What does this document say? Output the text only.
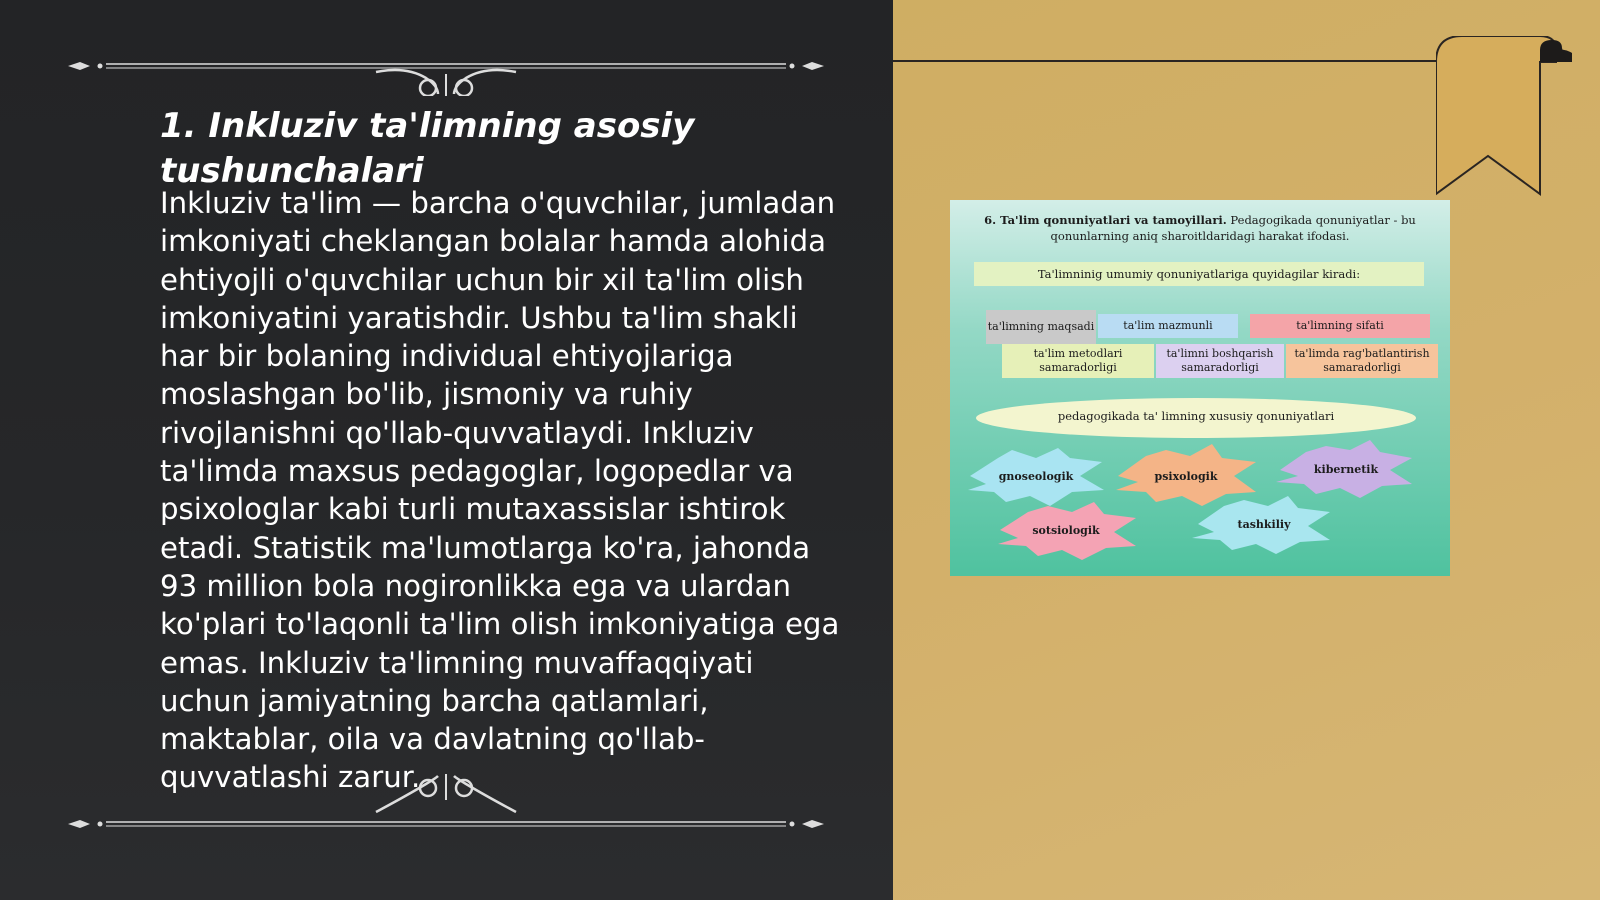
1. Inkluziv ta'limning asosiy tushunchalari

Inkluziv ta'lim — barcha o'quvchilar, jumladan imkoniyati cheklangan bolalar hamda alohida ehtiyojli o'quvchilar uchun bir xil ta'lim olish imkoniyatini yaratishdir. Ushbu ta'lim shakli har bir bolaning individual ehtiyojlariga moslashgan bo'lib, jismoniy va ruhiy rivojlanishni qo'llab-quvvatlaydi. Inkluziv ta'limda maxsus pedagoglar, logopedlar va psixologlar kabi turli mutaxassislar ishtirok etadi. Statistik ma'lumotlarga ko'ra, jahonda 93 million bola nogironlikka ega va ulardan ko'plari to'laqonli ta'lim olish imkoniyatiga ega emas. Inkluziv ta'limning muvaffaqqiyati uchun jamiyatning barcha qatlamlari, maktablar, oila va davlatning qo'llab-quvvatlashi zarur.

6. Ta'lim qonuniyatlari va tamoyillari. Pedagogikada qonuniyatlar - bu qonunlarning aniq sharoitldaridagi harakat ifodasi.
Ta'limninig umumiy qonuniyatlariga quyidagilar kiradi:
ta'limning maqsadi	ta'lim mazmunli	ta'limning sifati
ta'lim metodlari samaradorligi
ta'limni boshqarish samaradorligi
ta'limda rag'batlantirish samaradorligi
pedagogikada ta' limning xususiy qonuniyatlari
gnoseologik	psixologik
kibernetik
sotsiologik	tashkiliy
